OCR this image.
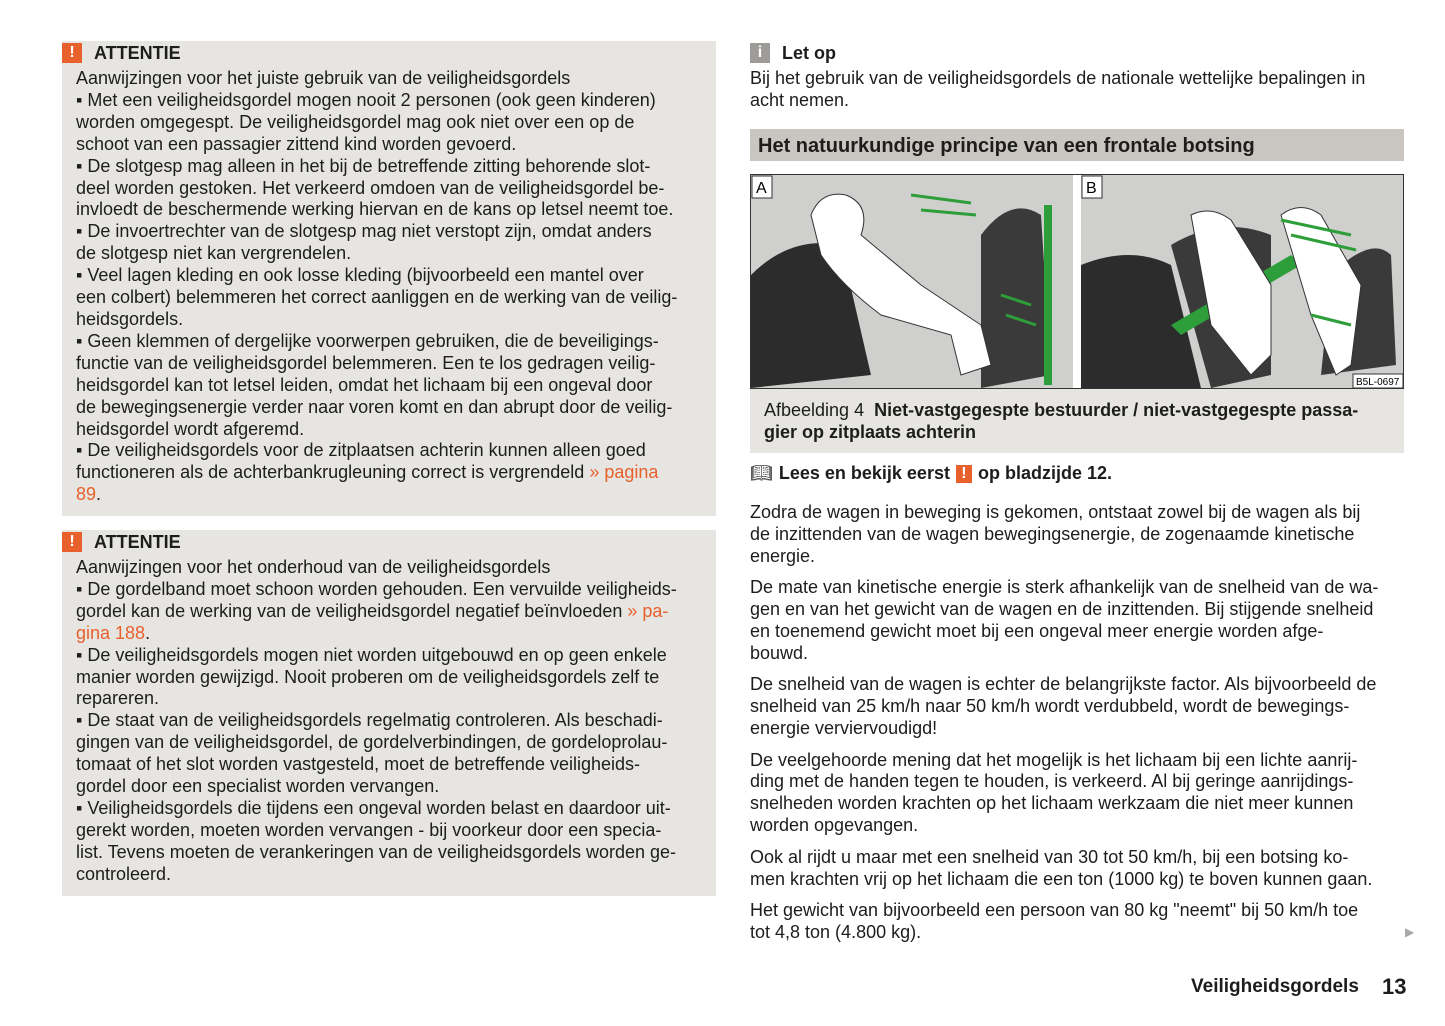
!	ATTENTIE
Aanwijzingen voor het juiste gebruik van de veiligheidsgordels
▪ Met een veiligheidsgordel mogen nooit 2 personen (ook geen kinderen)
worden omgegespt. De veiligheidsgordel mag ook niet over een op de
schoot van een passagier zittend kind worden gevoerd.
▪ De slotgesp mag alleen in het bij de betreffende zitting behorende slot-
deel worden gestoken. Het verkeerd omdoen van de veiligheidsgordel be-
invloedt de beschermende werking hiervan en de kans op letsel neemt toe.
▪ De invoertrechter van de slotgesp mag niet verstopt zijn, omdat anders
de slotgesp niet kan vergrendelen.
▪ Veel lagen kleding en ook losse kleding (bijvoorbeeld een mantel over
een colbert) belemmeren het correct aanliggen en de werking van de veilig-
heidsgordels.
▪ Geen klemmen of dergelijke voorwerpen gebruiken, die de beveiligings-
functie van de veiligheidsgordel belemmeren. Een te los gedragen veilig-
heidsgordel kan tot letsel leiden, omdat het lichaam bij een ongeval door
de bewegingsenergie verder naar voren komt en dan abrupt door de veilig-
heidsgordel wordt afgeremd.
▪ De veiligheidsgordels voor de zitplaatsen achterin kunnen alleen goed
functioneren als de achterbankrugleuning correct is vergrendeld » pagina
89.
!	ATTENTIE
Aanwijzingen voor het onderhoud van de veiligheidsgordels
▪ De gordelband moet schoon worden gehouden. Een vervuilde veiligheids-
gordel kan de werking van de veiligheidsgordel negatief beïnvloeden » pa-
gina 188.
▪ De veiligheidsgordels mogen niet worden uitgebouwd en op geen enkele
manier worden gewijzigd. Nooit proberen om de veiligheidsgordels zelf te
repareren.
▪ De staat van de veiligheidsgordels regelmatig controleren. Als beschadi-
gingen van de veiligheidsgordel, de gordelverbindingen, de gordeloprolau-
tomaat of het slot worden vastgesteld, moet de betreffende veiligheids-
gordel door een specialist worden vervangen.
▪ Veiligheidsgordels die tijdens een ongeval worden belast en daardoor uit-
gerekt worden, moeten worden vervangen - bij voorkeur door een specia-
list. Tevens moeten de verankeringen van de veiligheidsgordels worden ge-
controleerd.
i	Let op
Bij het gebruik van de veiligheidsgordels de nationale wettelijke bepalingen in
acht nemen.
Het natuurkundige principe van een frontale botsing
A	B
B5L-0697
Afbeelding 4 Niet-vastgegespte bestuurder / niet-vastgegespte passa-
gier op zitplaats achterin
📖︎ Lees en bekijk eerst ! op bladzijde 12.
Zodra de wagen in beweging is gekomen, ontstaat zowel bij de wagen als bij
de inzittenden van de wagen bewegingsenergie, de zogenaamde kinetische
energie.
De mate van kinetische energie is sterk afhankelijk van de snelheid van de wa-
gen en van het gewicht van de wagen en de inzittenden. Bij stijgende snelheid
en toenemend gewicht moet bij een ongeval meer energie worden afge-
bouwd.
De snelheid van de wagen is echter de belangrijkste factor. Als bijvoorbeeld de
snelheid van 25 km/h naar 50 km/h wordt verdubbeld, wordt de bewegings-
energie verviervoudigd!
De veelgehoorde mening dat het mogelijk is het lichaam bij een lichte aanrij-
ding met de handen tegen te houden, is verkeerd. Al bij geringe aanrijdings-
snelheden worden krachten op het lichaam werkzaam die niet meer kunnen
worden opgevangen.
Ook al rijdt u maar met een snelheid van 30 tot 50 km/h, bij een botsing ko-
men krachten vrij op het lichaam die een ton (1000 kg) te boven kunnen gaan.
Het gewicht van bijvoorbeeld een persoon van 80 kg "neemt" bij 50 km/h toe
tot 4,8 ton (4.800 kg).	▶
Veiligheidsgordels 13
